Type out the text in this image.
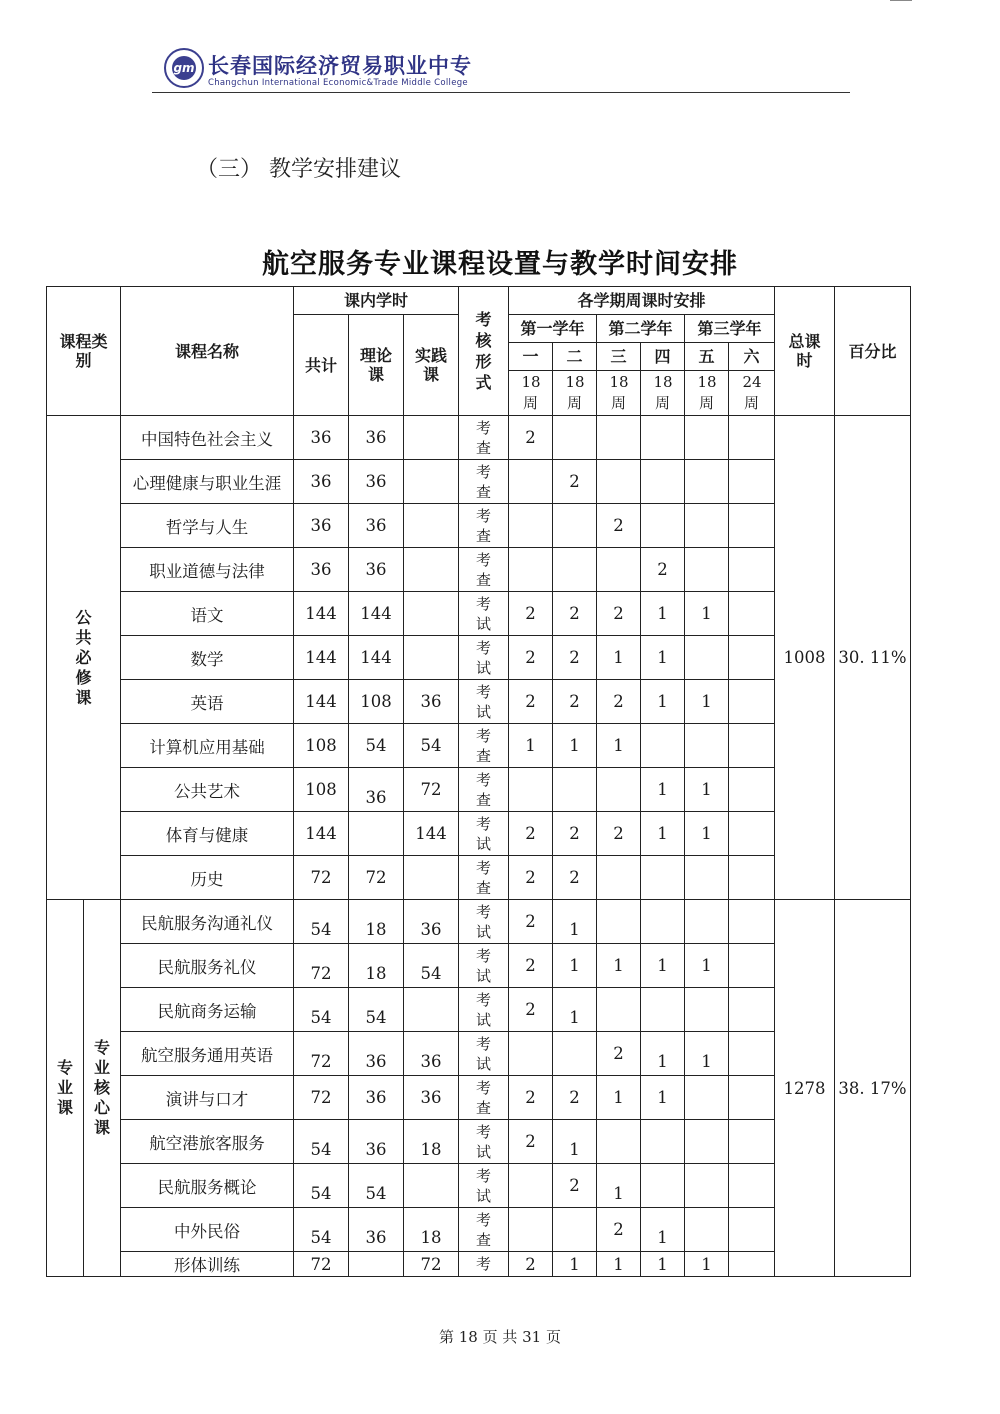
gm 长春国际经济贸易职业中专
Changchun International Economic&Trade Middle College
（三） 教学安排建议
航空服务专业课程设置与教学时间安排
课程类别		课程名称	课内学时			考核形式	各学期周课时安排						总课时	百分比
			共计	理论课	实践课		第一学年		第二学年		第三学年			
							一	二	三	四	五	六		

							18周	18周	18周	18周	18周	24周		

公共必修课		中国特色社会主义	36	36		考查	2						1008	30. 11%
		心理健康与职业生涯	36	36		考查		2						
		哲学与人生	36	36		考查			2					
		职业道德与法律	36	36		考查				2				
		语文	144	144		考试	2	2	2	1	1			
		数学	144	144		考试	2	2	1	1				
		英语	144	108	36	考试	2	2	2	1	1			
		计算机应用基础	108	54	54	考查	1	1	1					
		公共艺术	108	36	72	考查				1	1			
		体育与健康	144		144	考试	2	2	2	1	1			
		历史	72	72		考查	2	2						

专业课	专业核心课	民航服务沟通礼仪	54	18	36	考试	2	1					1278	38. 17%
		民航服务礼仪	72	18	54	考试	2	1	1	1	1			
		民航商务运输	54	54		考试	2	1						
		航空服务通用英语	72	36	36	考试			2	1	1			
		演讲与口才	72	36	36	考查	2	2	1	1				
		航空港旅客服务	54	36	18	考试	2	1						
		民航服务概论	54	54		考试		2	1					
		中外民俗	54	36	18	考查			2	1				
		形体训练	72		72	考	2	1	1	1	1			
第 18 页 共 31 页
